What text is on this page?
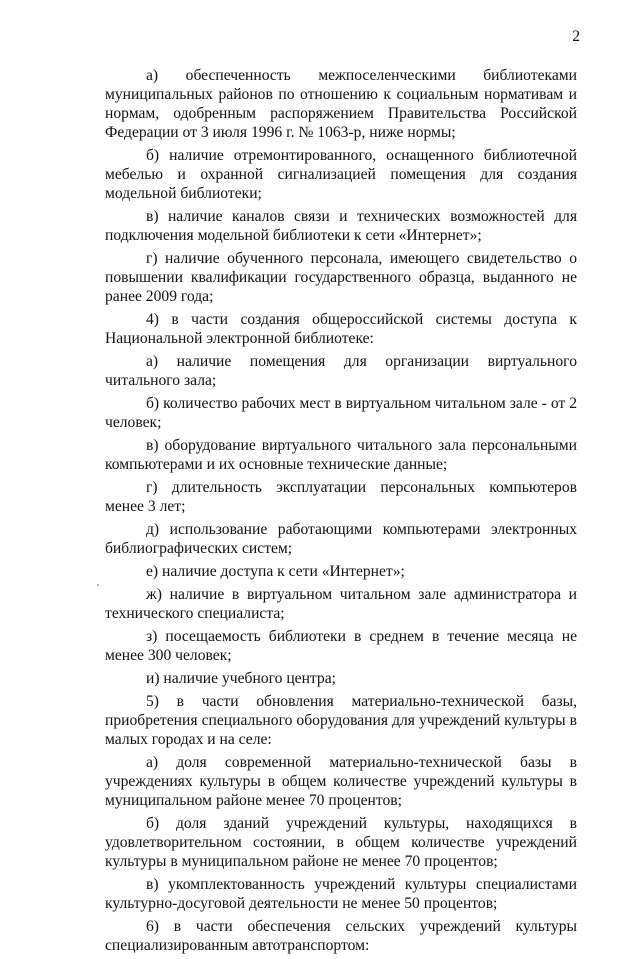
2

а) обеспеченность межпоселенческими библиотеками муниципальных районов по отношению к социальным нормативам и нормам, одобренным распоряжением Правительства Российской Федерации от 3 июля 1996 г. № 1063-р, ниже нормы;

б) наличие отремонтированного, оснащенного библиотечной мебелью и охранной сигнализацией помещения для создания модельной библиотеки;

в) наличие каналов связи и технических возможностей для подключения модельной библиотеки к сети «Интернет»;

г) наличие обученного персонала, имеющего свидетельство о повышении квалификации государственного образца, выданного не ранее 2009 года;

4) в части создания общероссийской системы доступа к Национальной электронной библиотеке:

а) наличие помещения для организации виртуального читального зала;

б) количество рабочих мест в виртуальном читальном зале - от 2 человек;

в) оборудование виртуального читального зала персональными компьютерами и их основные технические данные;

г) длительность эксплуатации персональных компьютеров менее 3 лет;

д) использование работающими компьютерами электронных библиографических систем;

е) наличие доступа к сети «Интернет»;

ж) наличие в виртуальном читальном зале администратора и технического специалиста;

з) посещаемость библиотеки в среднем в течение месяца не менее 300 человек;

и) наличие учебного центра;

5) в части обновления материально-технической базы, приобретения специального оборудования для учреждений культуры в малых городах и на селе:

а) доля современной материально-технической базы в учреждениях культуры в общем количестве учреждений культуры в муниципальном районе менее 70 процентов;

б) доля зданий учреждений культуры, находящихся в удовлетворительном состоянии, в общем количестве учреждений культуры в муниципальном районе не менее 70 процентов;

в) укомплектованность учреждений культуры специалистами культурно-досуговой деятельности не менее 50 процентов;

6) в части обеспечения сельских учреждений культуры специализированным автотранспортом:
